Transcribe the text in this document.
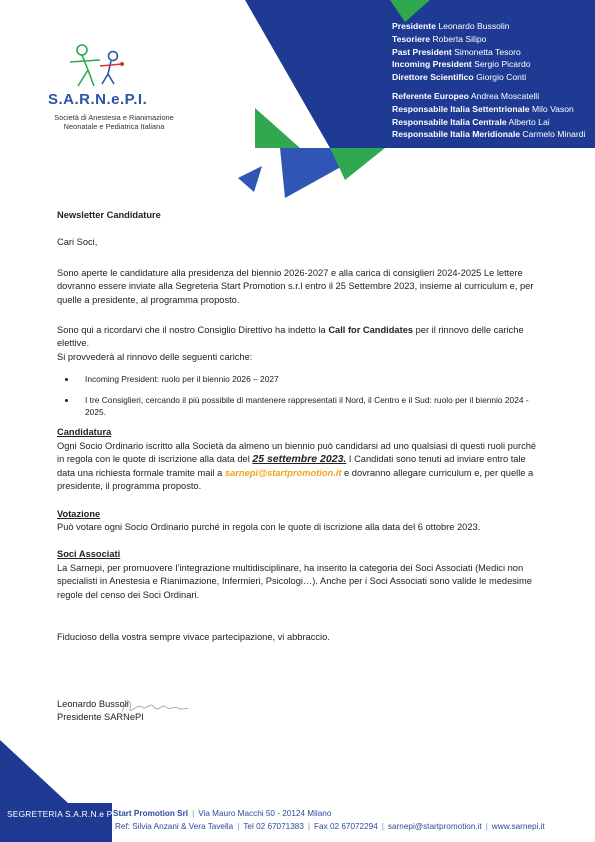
Presidente Leonardo Bussolin
Tesoriere Roberta Silipo
Past President Simonetta Tesoro
Incoming President Sergio Picardo
Direttore Scientifico Giorgio Conti
Referente Europeo Andrea Moscatelli
Responsabile Italia Settentrionale Milo Vason
Responsabile Italia Centrale Alberto Lai
Responsabile Italia Meridionale Carmelo Minardi
S.A.R.N.e.P.I.
Società di Anestesia e Rianimazione Neonatale e Pediatrica Italiana

Newsletter Candidature

Cari Soci,

Sono aperte le candidature alla presidenza del biennio 2026-2027 e alla carica di consiglieri 2024-2025 Le lettere dovranno essere inviate alla Segreteria Start Promotion s.r.l entro il 25 Settembre 2023, insieme al curriculum e, per quelle a presidente, al programma proposto.

Sono qui a ricordarvi che il nostro Consiglio Direttivo ha indetto la Call for Candidates per il rinnovo delle cariche elettive.

Si provvederà al rinnovo delle seguenti cariche:

• Incoming President: ruolo per il biennio 2026 – 2027
• I tre Consiglieri, cercando il più possibile di mantenere rappresentati il Nord, il Centro e il Sud: ruolo per il biennio 2024 - 2025.

Candidatura

Ogni Socio Ordinario iscritto alla Società da almeno un biennio può candidarsi ad uno qualsiasi di questi ruoli purché in regola con le quote di iscrizione alla data del 25 settembre 2023. I Candidati sono tenuti ad inviare entro tale data una richiesta formale tramite mail a sarnepi@startpromotion.it e dovranno allegare curriculum e, per quelle a presidente, il programma proposto.

Votazione

Può votare ogni Socio Ordinario purché in regola con le quote di iscrizione alla data del 6 ottobre 2023.

Soci Associati

La Sarnepi, per promuovere l’integrazione multidisciplinare, ha inserito la categoria dei Soci Associati (Medici non specialisti in Anestesia e Rianimazione, Infermieri, Psicologi…). Anche per i Soci Associati sono valide le medesime regole del censo dei Soci Ordinari.

Fiducioso della vostra sempre vivace partecipazione, vi abbraccio.

Leonardo Bussoli
Presidente SARNePI
SEGRETERIA S.A.R.N.e P.I.
Start Promotion Srl | Via Mauro Macchi 50 - 20124 Milano
Ref: Silvia Anzani & Vera Tavella | Tel 02 67071383 | Fax 02 67072294 | sarnepi@startpromotion.it | www.sarnepi.it
